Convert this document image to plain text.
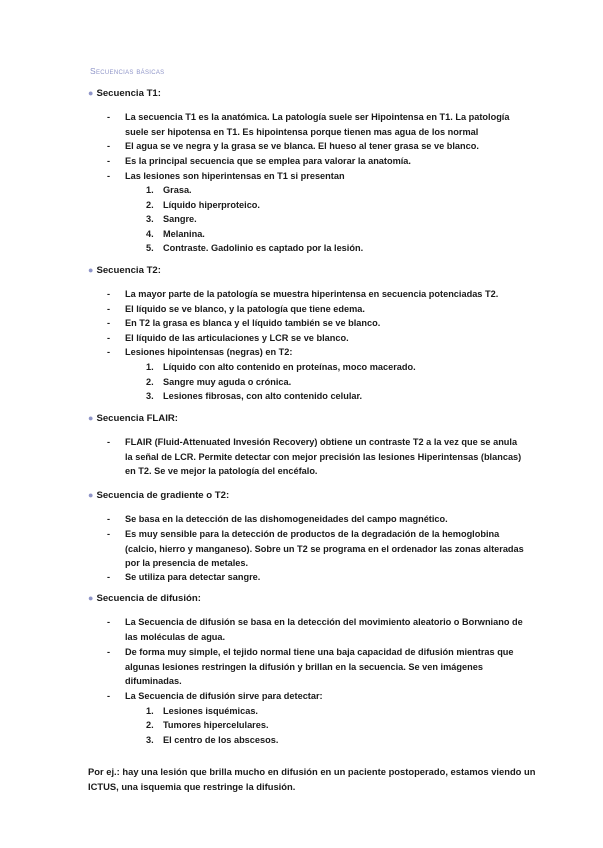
Secuencias básicas
● Secuencia T1:
- La secuencia T1 es la anatómica. La patología suele ser Hipointensa en T1. La patología suele ser hipotensa en T1. Es hipointensa porque tienen mas agua de los normal
- El agua se ve negra y la grasa se ve blanca. El hueso al tener grasa se ve blanco.
- Es la principal secuencia que se emplea para valorar la anatomía.
- Las lesiones son hiperintensas en T1 si presentan
1. Grasa.
2. Líquido hiperproteico.
3. Sangre.
4. Melanina.
5. Contraste. Gadolinio es captado por la lesión.
● Secuencia T2:
- La mayor parte de la patología se muestra hiperintensa en secuencia potenciadas T2.
- El líquido se ve blanco, y la patología que tiene edema.
- En T2 la grasa es blanca y el líquido también se ve blanco.
- El líquido de las articulaciones y LCR se ve blanco.
- Lesiones hipointensas (negras) en T2:
1. Líquido con alto contenido en proteínas, moco macerado.
2. Sangre muy aguda o crónica.
3. Lesiones fibrosas, con alto contenido celular.
● Secuencia FLAIR:
- FLAIR (Fluid-Attenuated Invesión Recovery) obtiene un contraste T2 a la vez que se anula la señal de LCR. Permite detectar con mejor precisión las lesiones Hiperintensas (blancas) en T2. Se ve mejor la patología del encéfalo.
● Secuencia de gradiente o T2:
- Se basa en la detección de las dishomogeneidades del campo magnético.
- Es muy sensible para la detección de productos de la degradación de la hemoglobina (calcio, hierro y manganeso). Sobre un T2 se programa en el ordenador las zonas alteradas por la presencia de metales.
- Se utiliza para detectar sangre.
● Secuencia de difusión:
- La Secuencia de difusión se basa en la detección del movimiento aleatorio o Borwniano de las moléculas de agua.
- De forma muy simple, el tejido normal tiene una baja capacidad de difusión mientras que algunas lesiones restringen la difusión y brillan en la secuencia. Se ven imágenes difuminadas.
- La Secuencia de difusión sirve para detectar:
1. Lesiones isquémicas.
2. Tumores hipercelulares.
3. El centro de los abscesos.
Por ej.: hay una lesión que brilla mucho en difusión en un paciente postoperado, estamos viendo un ICTUS, una isquemia que restringe la difusión.
